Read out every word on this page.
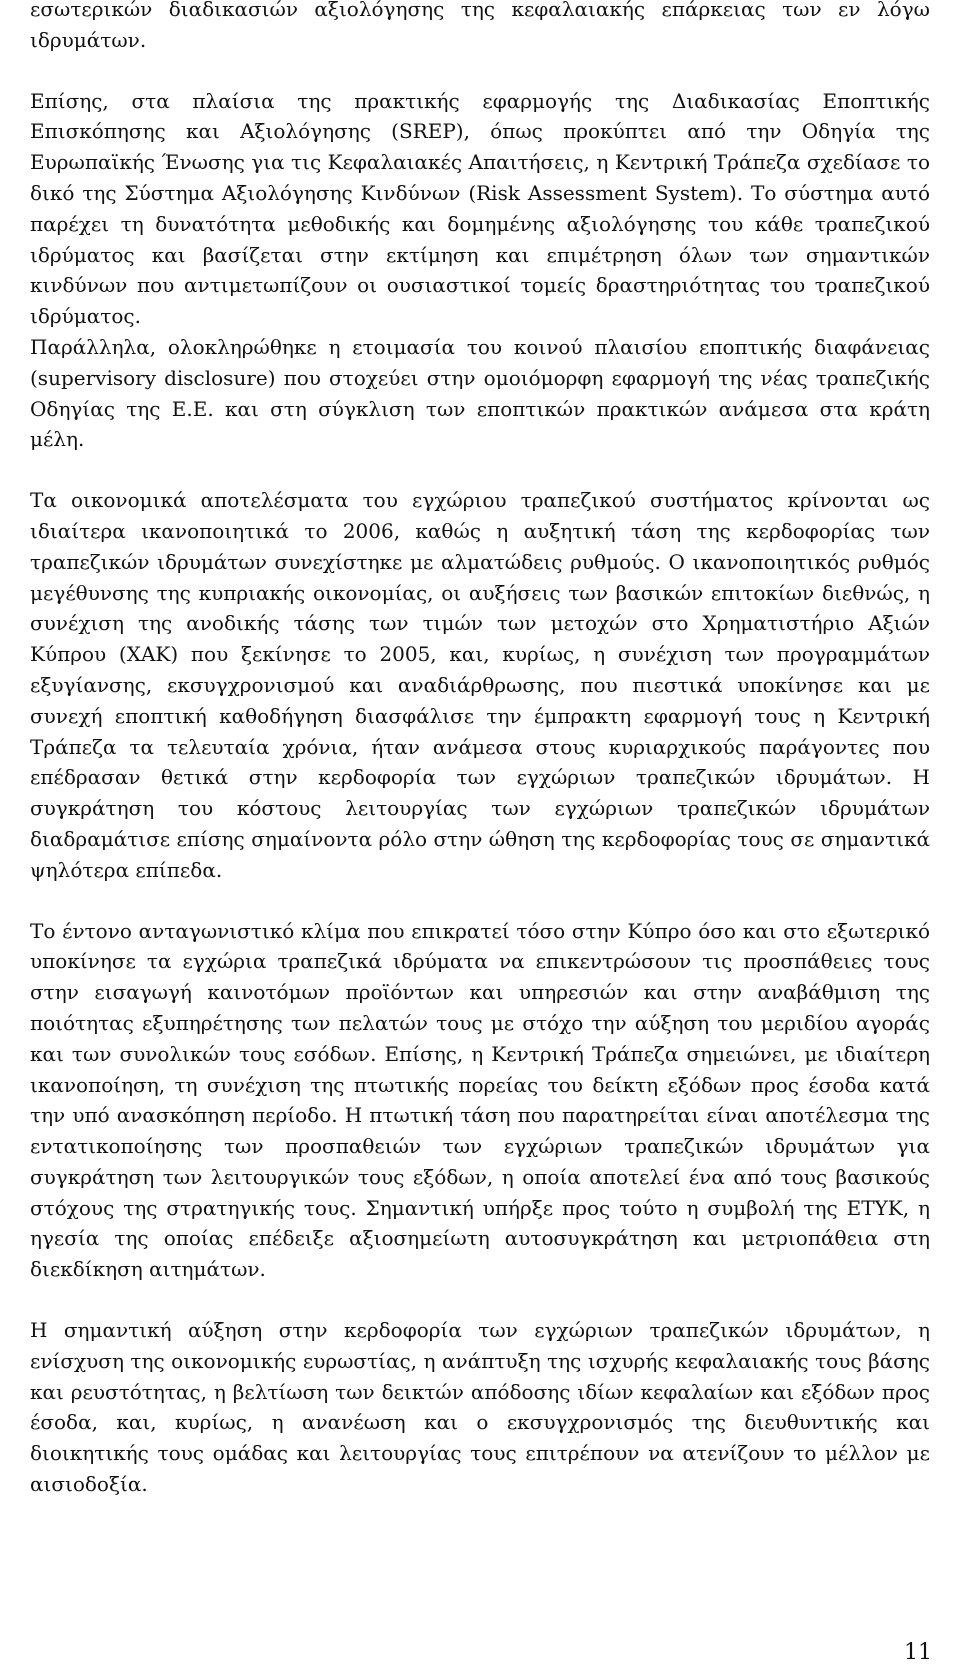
εσωτερικών διαδικασιών αξιολόγησης της κεφαλαιακής επάρκειας των εν λόγω ιδρυμάτων.

Επίσης, στα πλαίσια της πρακτικής εφαρμογής της Διαδικασίας Εποπτικής Επισκόπησης και Αξιολόγησης (SREP), όπως προκύπτει από την Οδηγία της Ευρωπαϊκής Ένωσης για τις Κεφαλαιακές Απαιτήσεις, η Κεντρική Τράπεζα σχεδίασε το δικό της Σύστημα Αξιολόγησης Κινδύνων (Risk Assessment System). Το σύστημα αυτό παρέχει τη δυνατότητα μεθοδικής και δομημένης αξιολόγησης του κάθε τραπεζικού ιδρύματος και βασίζεται στην εκτίμηση και επιμέτρηση όλων των σημαντικών κινδύνων που αντιμετωπίζουν οι ουσιαστικοί τομείς δραστηριότητας του τραπεζικού ιδρύματος.

Παράλληλα, ολοκληρώθηκε η ετοιμασία του κοινού πλαισίου εποπτικής διαφάνειας (supervisory disclosure) που στοχεύει στην ομοιόμορφη εφαρμογή της νέας τραπεζικής Οδηγίας της Ε.Ε. και στη σύγκλιση των εποπτικών πρακτικών ανάμεσα στα κράτη μέλη.

Τα οικονομικά αποτελέσματα του εγχώριου τραπεζικού συστήματος κρίνονται ως ιδιαίτερα ικανοποιητικά το 2006, καθώς η αυξητική τάση της κερδοφορίας των τραπεζικών ιδρυμάτων συνεχίστηκε με αλματώδεις ρυθμούς. Ο ικανοποιητικός ρυθμός μεγέθυνσης της κυπριακής οικονομίας, οι αυξήσεις των βασικών επιτοκίων διεθνώς, η συνέχιση της ανοδικής τάσης των τιμών των μετοχών στο Χρηματιστήριο Αξιών Κύπρου (ΧΑΚ) που ξεκίνησε το 2005, και, κυρίως, η συνέχιση των προγραμμάτων εξυγίανσης, εκσυγχρονισμού και αναδιάρθρωσης, που πιεστικά υποκίνησε και με συνεχή εποπτική καθοδήγηση διασφάλισε την έμπρακτη εφαρμογή τους η Κεντρική Τράπεζα τα τελευταία χρόνια, ήταν ανάμεσα στους κυριαρχικούς παράγοντες που επέδρασαν θετικά στην κερδοφορία των εγχώριων τραπεζικών ιδρυμάτων. Η συγκράτηση του κόστους λειτουργίας των εγχώριων τραπεζικών ιδρυμάτων διαδραμάτισε επίσης σημαίνοντα ρόλο στην ώθηση της κερδοφορίας τους σε σημαντικά ψηλότερα επίπεδα.

Το έντονο ανταγωνιστικό κλίμα που επικρατεί τόσο στην Κύπρο όσο και στο εξωτερικό υποκίνησε τα εγχώρια τραπεζικά ιδρύματα να επικεντρώσουν τις προσπάθειες τους στην εισαγωγή καινοτόμων προϊόντων και υπηρεσιών και στην αναβάθμιση της ποιότητας εξυπηρέτησης των πελατών τους με στόχο την αύξηση του μεριδίου αγοράς και των συνολικών τους εσόδων. Επίσης, η Κεντρική Τράπεζα σημειώνει, με ιδιαίτερη ικανοποίηση, τη συνέχιση της πτωτικής πορείας του δείκτη εξόδων προς έσοδα κατά την υπό ανασκόπηση περίοδο. Η πτωτική τάση που παρατηρείται είναι αποτέλεσμα της εντατικοποίησης των προσπαθειών των εγχώριων τραπεζικών ιδρυμάτων για συγκράτηση των λειτουργικών τους εξόδων, η οποία αποτελεί ένα από τους βασικούς στόχους της στρατηγικής τους. Σημαντική υπήρξε προς τούτο η συμβολή της ΕΤΥΚ, η ηγεσία της οποίας επέδειξε αξιοσημείωτη αυτοσυγκράτηση και μετριοπάθεια στη διεκδίκηση αιτημάτων.

Η σημαντική αύξηση στην κερδοφορία των εγχώριων τραπεζικών ιδρυμάτων, η ενίσχυση της οικονομικής ευρωστίας, η ανάπτυξη της ισχυρής κεφαλαιακής τους βάσης και ρευστότητας, η βελτίωση των δεικτών απόδοσης ιδίων κεφαλαίων και εξόδων προς έσοδα, και, κυρίως, η ανανέωση και ο εκσυγχρονισμός της διευθυντικής και διοικητικής τους ομάδας και λειτουργίας τους επιτρέπουν να ατενίζουν το μέλλον με αισιοδοξία.

11
